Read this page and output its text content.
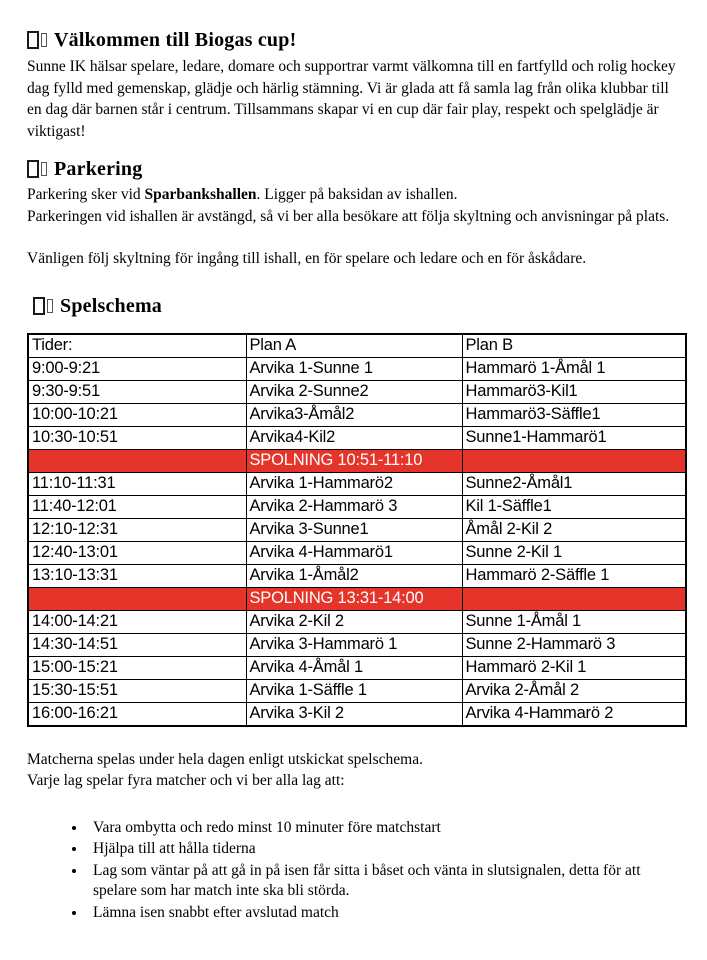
Välkommen till Biogas cup!

Sunne IK hälsar spelare, ledare, domare och supportrar varmt välkomna till en fartfylld och rolig hockey dag fylld med gemenskap, glädje och härlig stämning. Vi är glada att få samla lag från olika klubbar till en dag där barnen står i centrum. Tillsammans skapar vi en cup där fair play, respekt och spelglädje är viktigast!

Parkering

Parkering sker vid Sparbankshallen. Ligger på baksidan av ishallen.
Parkeringen vid ishallen är avstängd, så vi ber alla besökare att följa skyltning och anvisningar på plats.

Vänligen följ skyltning för ingång till ishall, en för spelare och ledare och en för åskådare.

Spelschema
Tider:	Plan A	Plan B
9:00-9:21	Arvika 1-Sunne 1	Hammarö 1-Åmål 1
9:30-9:51	Arvika 2-Sunne2	Hammarö3-Kil1
10:00-10:21	Arvika3-Åmål2	Hammarö3-Säffle1
10:30-10:51	Arvika4-Kil2	Sunne1-Hammarö1
	SPOLNING 10:51-11:10	
11:10-11:31	Arvika 1-Hammarö2	Sunne2-Åmål1
11:40-12:01	Arvika 2-Hammarö 3	Kil 1-Säffle1
12:10-12:31	Arvika 3-Sunne1	Åmål 2-Kil 2
12:40-13:01	Arvika 4-Hammarö1	Sunne 2-Kil 1
13:10-13:31	Arvika 1-Åmål2	Hammarö 2-Säffle 1
	SPOLNING 13:31-14:00	
14:00-14:21	Arvika 2-Kil 2	Sunne 1-Åmål 1
14:30-14:51	Arvika 3-Hammarö 1	Sunne 2-Hammarö 3
15:00-15:21	Arvika 4-Åmål 1	Hammarö 2-Kil 1
15:30-15:51	Arvika 1-Säffle 1	Arvika 2-Åmål 2
16:00-16:21	Arvika 3-Kil 2	Arvika 4-Hammarö 2

Matcherna spelas under hela dagen enligt utskickat spelschema.

Varje lag spelar fyra matcher och vi ber alla lag att:

• Vara ombytta och redo minst 10 minuter före matchstart
• Hjälpa till att hålla tiderna
• Lag som väntar på att gå in på isen får sitta i båset och vänta in slutsignalen, detta för att spelare som har match inte ska bli störda.
• Lämna isen snabbt efter avslutad match
